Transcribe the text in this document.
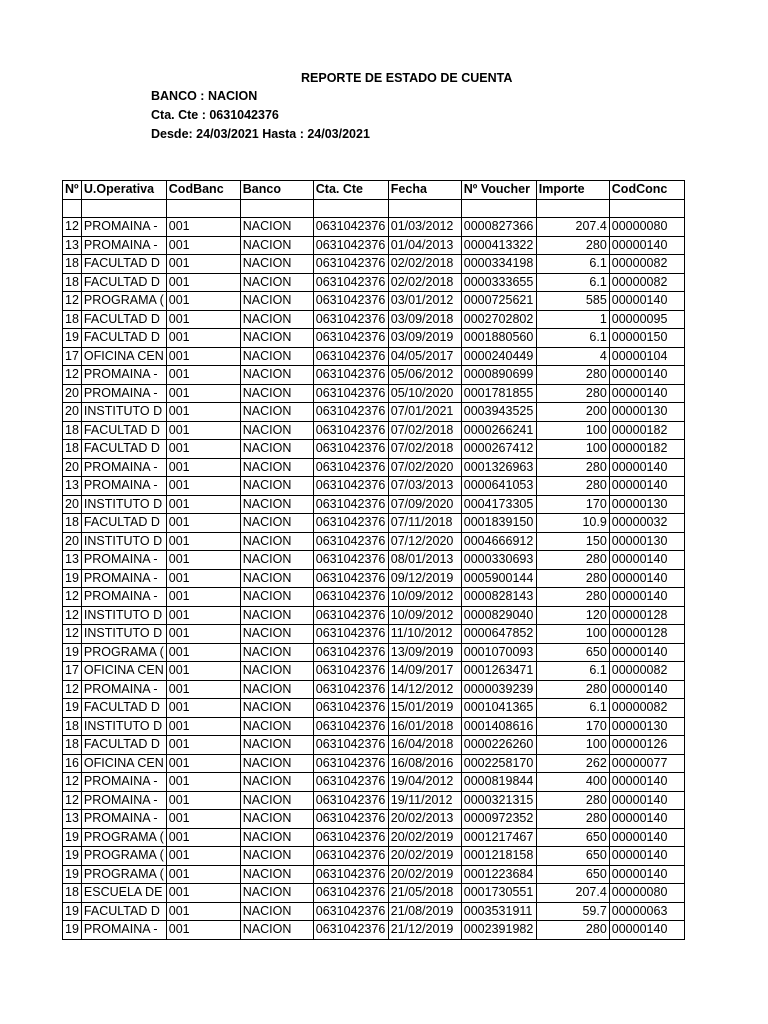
REPORTE DE ESTADO DE CUENTA
BANCO : NACION
Cta. Cte : 0631042376
Desde: 24/03/2021 Hasta : 24/03/2021
Nº	U.Operativa	CodBanc	Banco	Cta. Cte	Fecha	Nº Voucher	Importe	CodConc

12	PROMAINA -	001	NACION	0631042376	01/03/2012	0000827366	207.4	00000080
13	PROMAINA -	001	NACION	0631042376	01/04/2013	0000413322	280	00000140
18	FACULTAD D	001	NACION	0631042376	02/02/2018	0000334198	6.1	00000082
18	FACULTAD D	001	NACION	0631042376	02/02/2018	0000333655	6.1	00000082
12	PROGRAMA (	001	NACION	0631042376	03/01/2012	0000725621	585	00000140
18	FACULTAD D	001	NACION	0631042376	03/09/2018	0002702802	1	00000095
19	FACULTAD D	001	NACION	0631042376	03/09/2019	0001880560	6.1	00000150
17	OFICINA CEN	001	NACION	0631042376	04/05/2017	0000240449	4	00000104
12	PROMAINA -	001	NACION	0631042376	05/06/2012	0000890699	280	00000140
20	PROMAINA -	001	NACION	0631042376	05/10/2020	0001781855	280	00000140
20	INSTITUTO D	001	NACION	0631042376	07/01/2021	0003943525	200	00000130
18	FACULTAD D	001	NACION	0631042376	07/02/2018	0000266241	100	00000182
18	FACULTAD D	001	NACION	0631042376	07/02/2018	0000267412	100	00000182
20	PROMAINA -	001	NACION	0631042376	07/02/2020	0001326963	280	00000140
13	PROMAINA -	001	NACION	0631042376	07/03/2013	0000641053	280	00000140
20	INSTITUTO D	001	NACION	0631042376	07/09/2020	0004173305	170	00000130
18	FACULTAD D	001	NACION	0631042376	07/11/2018	0001839150	10.9	00000032
20	INSTITUTO D	001	NACION	0631042376	07/12/2020	0004666912	150	00000130
13	PROMAINA -	001	NACION	0631042376	08/01/2013	0000330693	280	00000140
19	PROMAINA -	001	NACION	0631042376	09/12/2019	0005900144	280	00000140
12	PROMAINA -	001	NACION	0631042376	10/09/2012	0000828143	280	00000140
12	INSTITUTO D	001	NACION	0631042376	10/09/2012	0000829040	120	00000128
12	INSTITUTO D	001	NACION	0631042376	11/10/2012	0000647852	100	00000128
19	PROGRAMA (	001	NACION	0631042376	13/09/2019	0001070093	650	00000140
17	OFICINA CEN	001	NACION	0631042376	14/09/2017	0001263471	6.1	00000082
12	PROMAINA -	001	NACION	0631042376	14/12/2012	0000039239	280	00000140
19	FACULTAD D	001	NACION	0631042376	15/01/2019	0001041365	6.1	00000082
18	INSTITUTO D	001	NACION	0631042376	16/01/2018	0001408616	170	00000130
18	FACULTAD D	001	NACION	0631042376	16/04/2018	0000226260	100	00000126
16	OFICINA CEN	001	NACION	0631042376	16/08/2016	0002258170	262	00000077
12	PROMAINA -	001	NACION	0631042376	19/04/2012	0000819844	400	00000140
12	PROMAINA -	001	NACION	0631042376	19/11/2012	0000321315	280	00000140
13	PROMAINA -	001	NACION	0631042376	20/02/2013	0000972352	280	00000140
19	PROGRAMA (	001	NACION	0631042376	20/02/2019	0001217467	650	00000140
19	PROGRAMA (	001	NACION	0631042376	20/02/2019	0001218158	650	00000140
19	PROGRAMA (	001	NACION	0631042376	20/02/2019	0001223684	650	00000140
18	ESCUELA DE	001	NACION	0631042376	21/05/2018	0001730551	207.4	00000080
19	FACULTAD D	001	NACION	0631042376	21/08/2019	0003531911	59.7	00000063
19	PROMAINA -	001	NACION	0631042376	21/12/2019	0002391982	280	00000140
